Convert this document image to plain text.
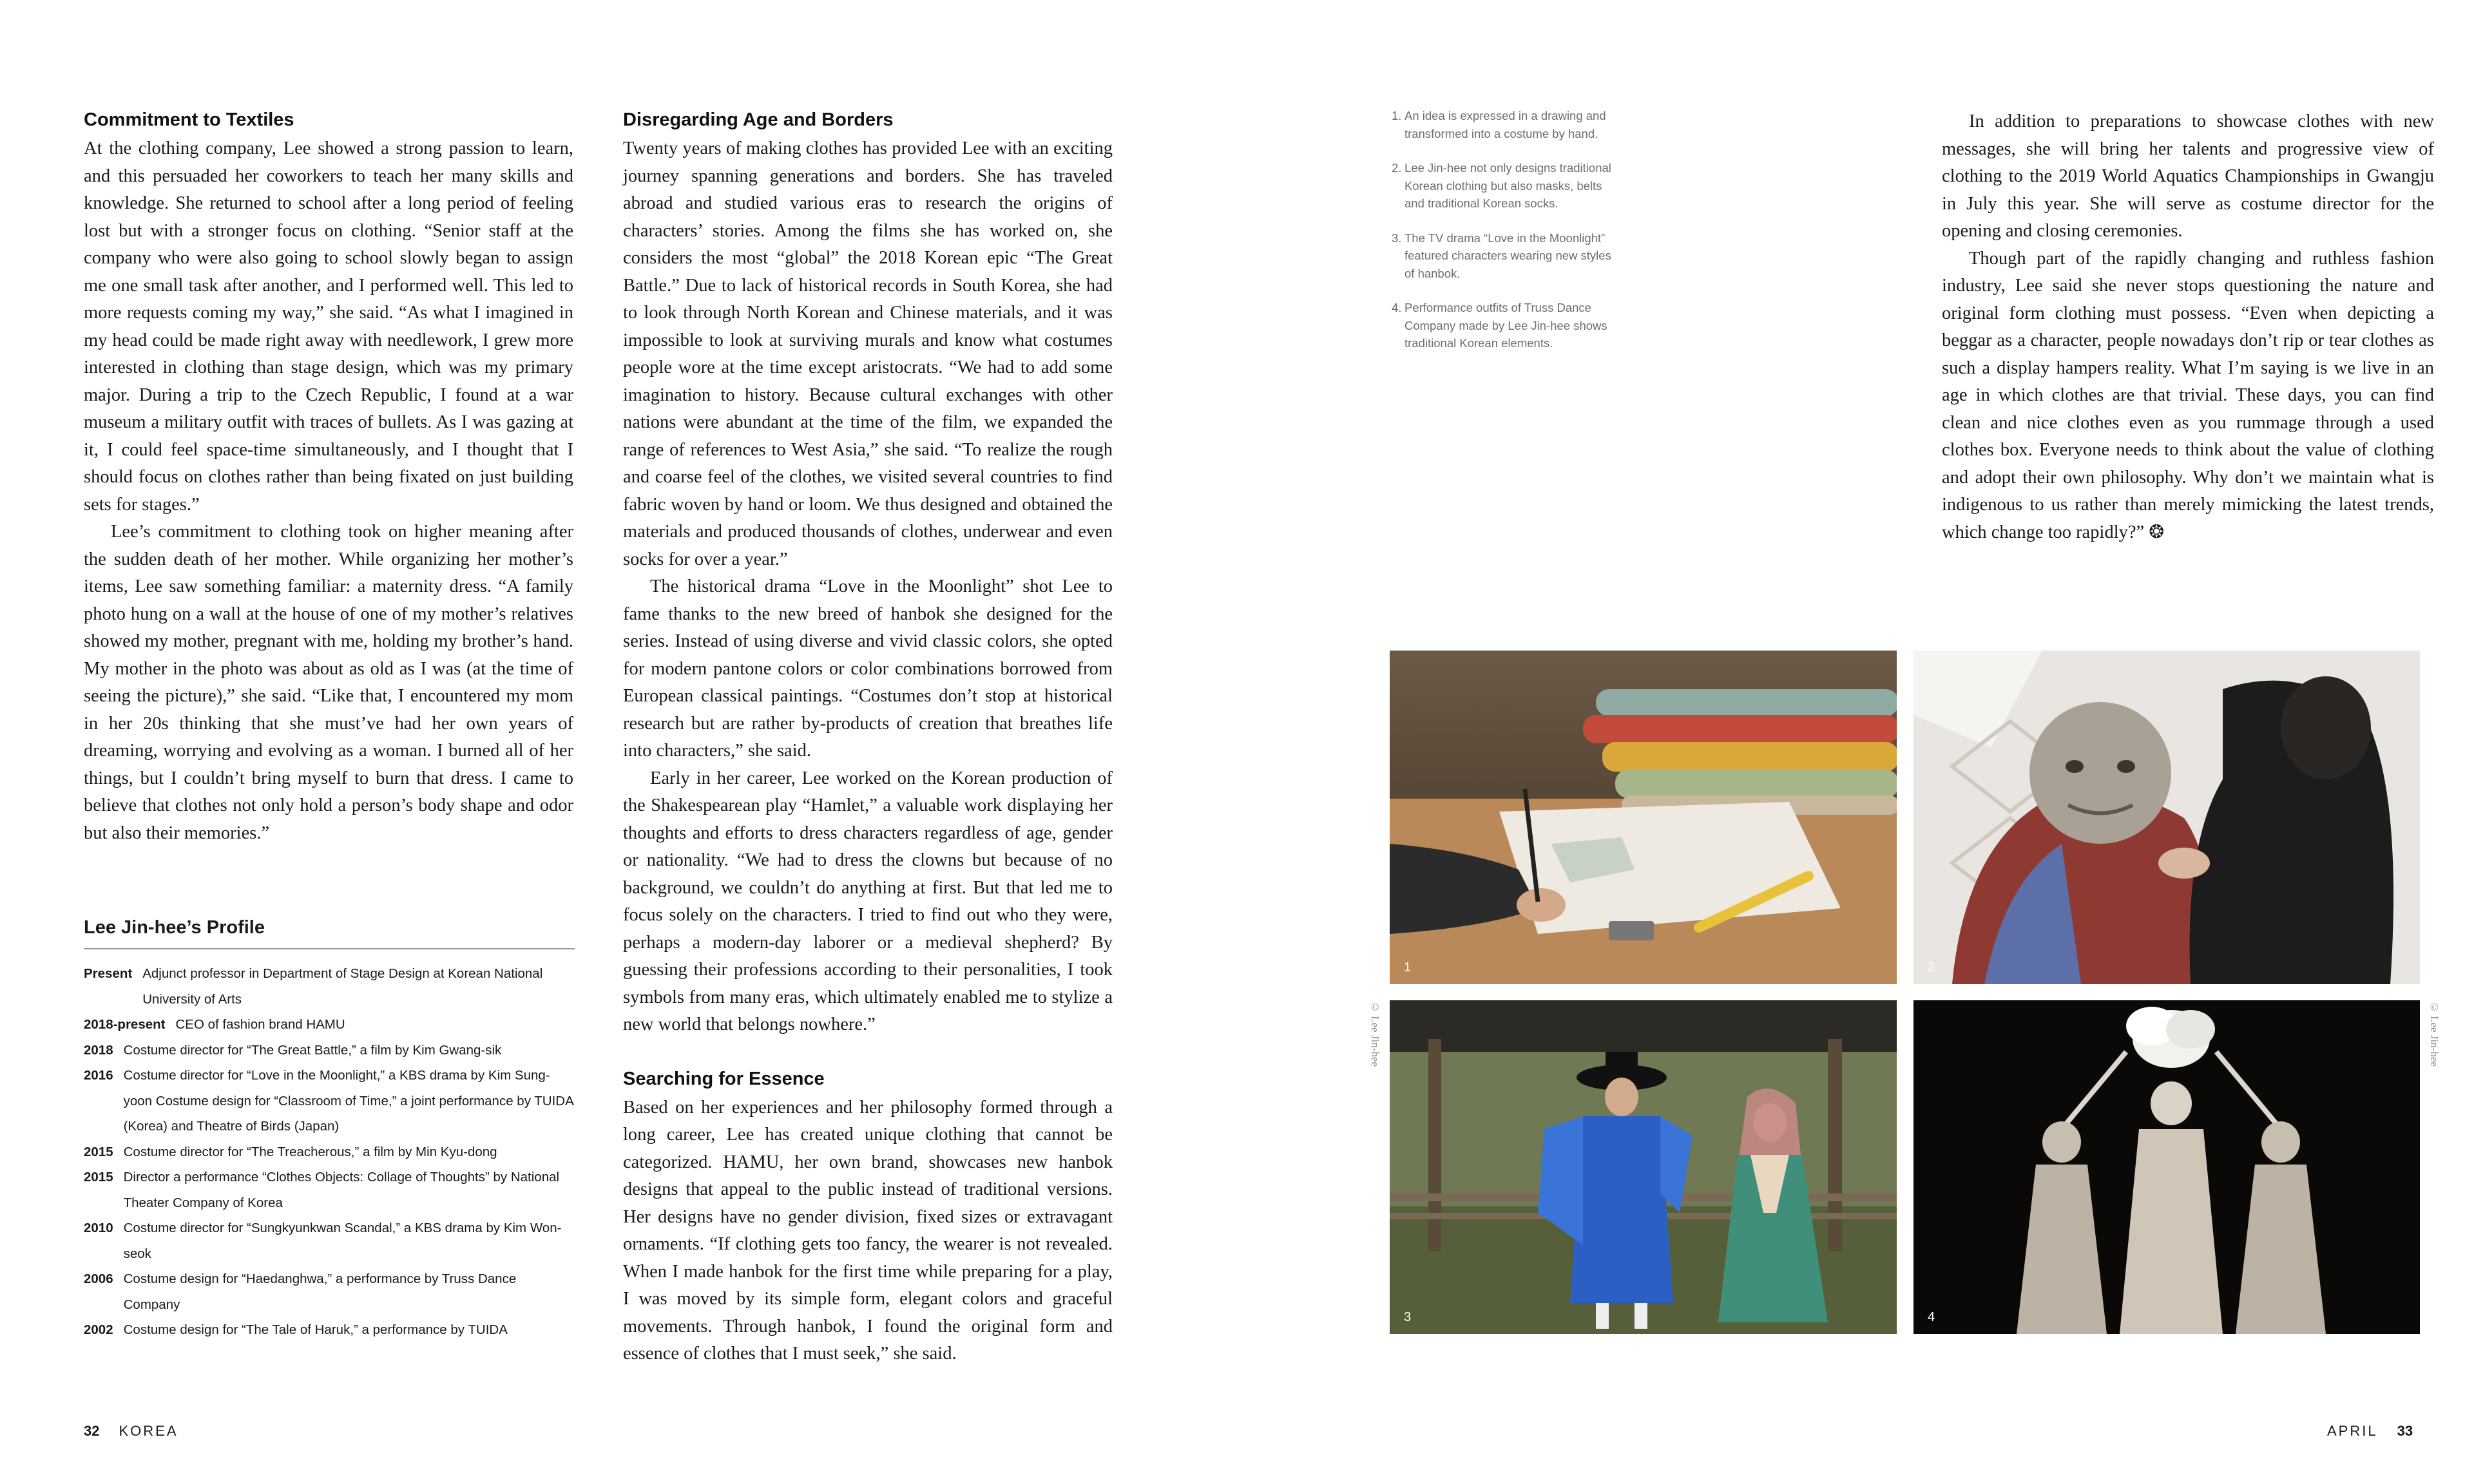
Commitment to Textiles

At the clothing company, Lee showed a strong passion to learn, and this persuaded her coworkers to teach her many skills and knowledge. She returned to school after a long period of feeling lost but with a stronger focus on clothing. “Senior staff at the company who were also going to school slowly began to assign me one small task after another, and I performed well. This led to more requests coming my way,” she said. “As what I imagined in my head could be made right away with needlework, I grew more interested in clothing than stage design, which was my primary major. During a trip to the Czech Republic, I found at a war museum a military outfit with traces of bullets. As I was gazing at it, I could feel space-time simultaneously, and I thought that I should focus on clothes rather than being fixated on just building sets for stages.”

Lee’s commitment to clothing took on higher meaning after the sudden death of her mother. While organizing her mother’s items, Lee saw something familiar: a maternity dress. “A family photo hung on a wall at the house of one of my mother’s relatives showed my mother, pregnant with me, holding my brother’s hand. My mother in the photo was about as old as I was (at the time of seeing the picture),” she said. “Like that, I encountered my mom in her 20s thinking that she must’ve had her own years of dreaming, worrying and evolving as a woman. I burned all of her things, but I couldn’t bring myself to burn that dress. I came to believe that clothes not only hold a person’s body shape and odor but also their memories.”

Lee Jin-hee’s Profile
Present Adjunct professor in Department of Stage Design at Korean National University of Arts
2018-present CEO of fashion brand HAMU
2018 Costume director for “The Great Battle,” a film by Kim Gwang-sik
2016 Costume director for “Love in the Moonlight,” a KBS drama by Kim Sung-yoon Costume design for “Classroom of Time,” a joint performance by TUIDA (Korea) and Theatre of Birds (Japan)
2015 Costume director for “The Treacherous,” a film by Min Kyu-dong
2015 Director a performance “Clothes Objects: Collage of Thoughts” by National Theater Company of Korea
2010 Costume director for “Sungkyunkwan Scandal,” a KBS drama by Kim Won-seok
2006 Costume design for “Haedanghwa,” a performance by Truss Dance Company
2002 Costume design for “The Tale of Haruk,” a performance by TUIDA
Disregarding Age and Borders

Twenty years of making clothes has provided Lee with an exciting journey spanning generations and borders. She has traveled abroad and studied various eras to research the origins of characters’ stories. Among the films she has worked on, she considers the most “global” the 2018 Korean epic “The Great Battle.” Due to lack of historical records in South Korea, she had to look through North Korean and Chinese materials, and it was impossible to look at surviving murals and know what costumes people wore at the time except aristocrats. “We had to add some imagination to history. Because cultural exchanges with other nations were abundant at the time of the film, we expanded the range of references to West Asia,” she said. “To realize the rough and coarse feel of the clothes, we visited several countries to find fabric woven by hand or loom. We thus designed and obtained the materials and produced thousands of clothes, underwear and even socks for over a year.”

The historical drama “Love in the Moonlight” shot Lee to fame thanks to the new breed of hanbok she designed for the series. Instead of using diverse and vivid classic colors, she opted for modern pantone colors or color combinations borrowed from European classical paintings. “Costumes don’t stop at historical research but are rather by-products of creation that breathes life into characters,” she said.

Early in her career, Lee worked on the Korean production of the Shakespearean play “Hamlet,” a valuable work displaying her thoughts and efforts to dress characters regardless of age, gender or nationality. “We had to dress the clowns but because of no background, we couldn’t do anything at first. But that led me to focus solely on the characters. I tried to find out who they were, perhaps a modern-day laborer or a medieval shepherd? By guessing their professions according to their personalities, I took symbols from many eras, which ultimately enabled me to stylize a new world that belongs nowhere.”

Searching for Essence

Based on her experiences and her philosophy formed through a long career, Lee has created unique clothing that cannot be categorized. HAMU, her own brand, showcases new hanbok designs that appeal to the public instead of traditional versions. Her designs have no gender division, fixed sizes or extravagant ornaments. “If clothing gets too fancy, the wearer is not revealed. When I made hanbok for the first time while preparing for a play, I was moved by its simple form, elegant colors and graceful movements. Through hanbok, I found the original form and essence of clothes that I must seek,” she said.

1. An idea is expressed in a drawing and transformed into a costume by hand.
2. Lee Jin-hee not only designs traditional Korean clothing but also masks, belts and traditional Korean socks.
3. The TV drama “Love in the Moonlight” featured characters wearing new styles of hanbok.
4. Performance outfits of Truss Dance Company made by Lee Jin-hee shows traditional Korean elements.

In addition to preparations to showcase clothes with new messages, she will bring her talents and progressive view of clothing to the 2019 World Aquatics Championships in Gwangju in July this year. She will serve as costume director for the opening and closing ceremonies.

Though part of the rapidly changing and ruthless fashion industry, Lee said she never stops questioning the nature and original form clothing must possess. “Even when depicting a beggar as a character, people nowadays don’t rip or tear clothes as such a display hampers reality. What I’m saying is we live in an age in which clothes are that trivial. These days, you can find clean and nice clothes even as you rummage through a used clothes box. Everyone needs to think about the value of clothing and adopt their own philosophy. Why don’t we maintain what is indigenous to us rather than merely mimicking the latest trends, which change too rapidly?” ❂

1	2
3	4
© Lee Jin-hee	© Lee Jin-hee
32 KOREA	APRIL 33
